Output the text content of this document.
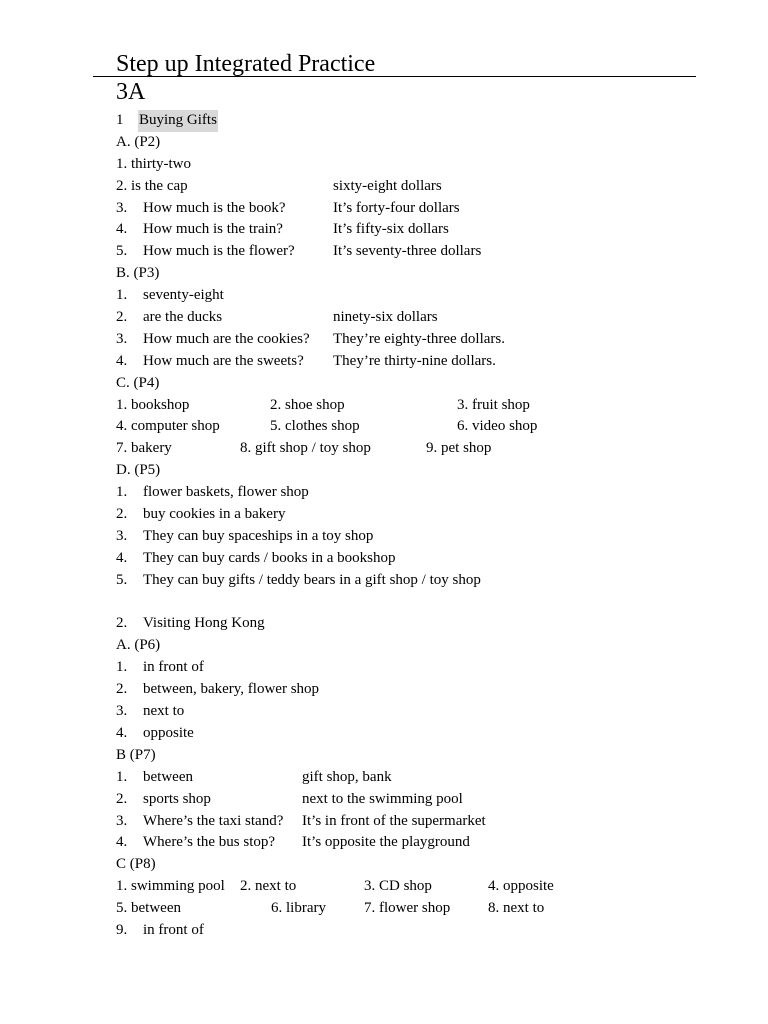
Step up Integrated Practice
3A
1 Buying Gifts
A. (P2)
1. thirty-two
2. is the cap	sixty-eight dollars
3. How much is the book?	It’s forty-four dollars
4. How much is the train?	It’s fifty-six dollars
5. How much is the flower?	It’s seventy-three dollars
B. (P3)
1. seventy-eight
2. are the ducks	ninety-six dollars
3. How much are the cookies? They’re eighty-three dollars.
4. How much are the sweets? They’re thirty-nine dollars.
C. (P4)
1. bookshop	2. shoe shop	3. fruit shop
4. computer shop	5. clothes shop	6. video shop
7. bakery	8. gift shop / toy shop	9. pet shop
D. (P5)
1. flower baskets, flower shop
2. buy cookies in a bakery
3. They can buy spaceships in a toy shop
4. They can buy cards / books in a bookshop
5. They can buy gifts / teddy bears in a gift shop / toy shop
2. Visiting Hong Kong
A. (P6)
1. in front of
2. between, bakery, flower shop
3. next to
4. opposite
B (P7)
1. between	gift shop, bank
2. sports shop	next to the swimming pool
3. Where’s the taxi stand? It’s in front of the supermarket
4. Where’s the bus stop? It’s opposite the playground
C (P8)
1. swimming pool 2. next to	3. CD shop	4. opposite
5. between	6. library	7. flower shop	8. next to
9. in front of
